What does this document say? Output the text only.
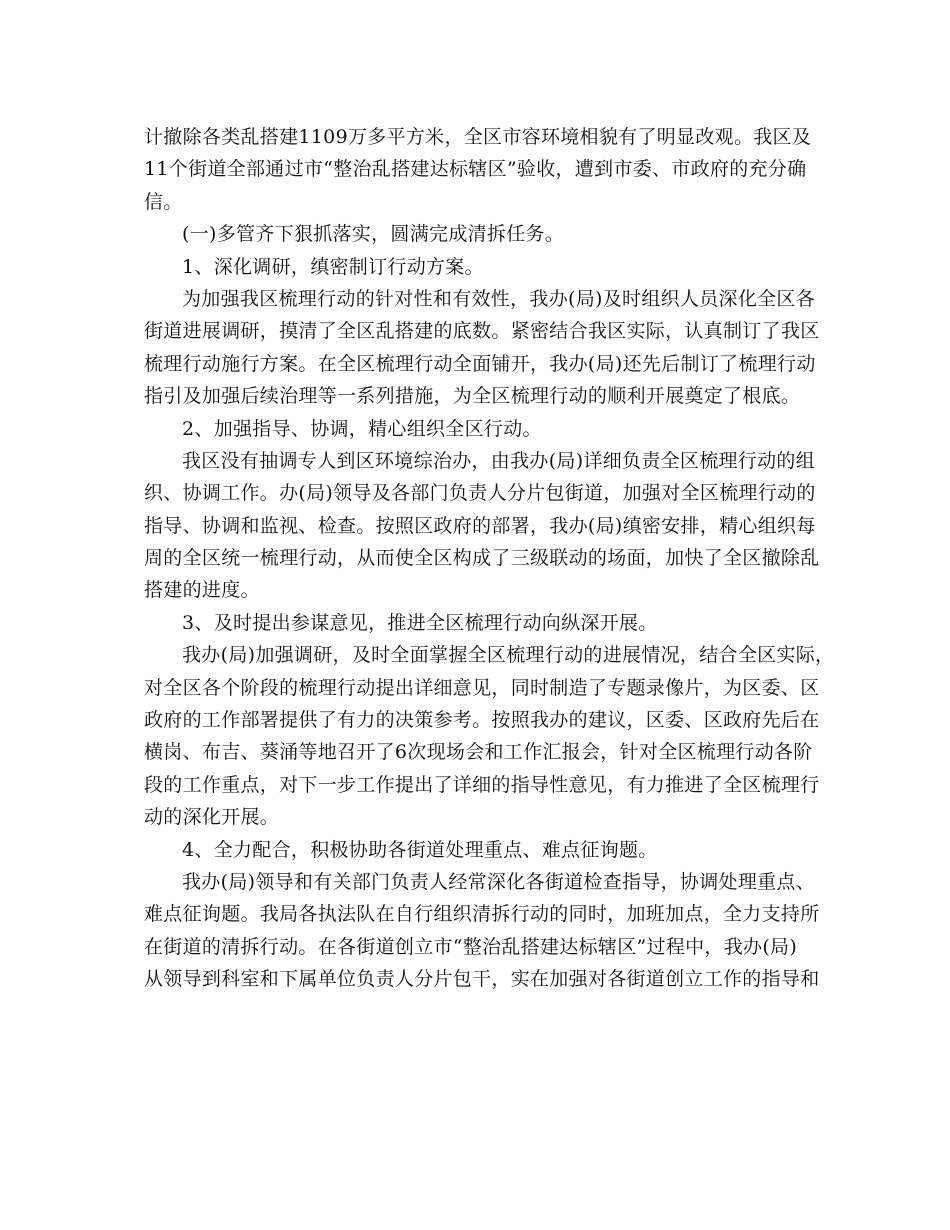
计撤除各类乱搭建1109万多平方米，全区市容环境相貌有了明显改观。我区及
11个街道全部通过市“整治乱搭建达标辖区”验收，遭到市委、市政府的充分确
信。
(一)多管齐下狠抓落实，圆满完成清拆任务。
1、深化调研，缜密制订行动方案。
为加强我区梳理行动的针对性和有效性，我办(局)及时组织人员深化全区各
街道进展调研，摸清了全区乱搭建的底数。紧密结合我区实际，认真制订了我区
梳理行动施行方案。在全区梳理行动全面铺开，我办(局)还先后制订了梳理行动
指引及加强后续治理等一系列措施，为全区梳理行动的顺利开展奠定了根底。
2、加强指导、协调，精心组织全区行动。
我区没有抽调专人到区环境综治办，由我办(局)详细负责全区梳理行动的组
织、协调工作。办(局)领导及各部门负责人分片包街道，加强对全区梳理行动的
指导、协调和监视、检查。按照区政府的部署，我办(局)缜密安排，精心组织每
周的全区统一梳理行动，从而使全区构成了三级联动的场面，加快了全区撤除乱
搭建的进度。
3、及时提出参谋意见，推进全区梳理行动向纵深开展。
我办(局)加强调研，及时全面掌握全区梳理行动的进展情况，结合全区实际，
对全区各个阶段的梳理行动提出详细意见，同时制造了专题录像片，为区委、区
政府的工作部署提供了有力的决策参考。按照我办的建议，区委、区政府先后在
横岗、布吉、葵涌等地召开了6次现场会和工作汇报会，针对全区梳理行动各阶
段的工作重点，对下一步工作提出了详细的指导性意见，有力推进了全区梳理行
动的深化开展。
4、全力配合，积极协助各街道处理重点、难点征询题。
我办(局)领导和有关部门负责人经常深化各街道检查指导，协调处理重点、
难点征询题。我局各执法队在自行组织清拆行动的同时，加班加点，全力支持所
在街道的清拆行动。在各街道创立市“整治乱搭建达标辖区”过程中，我办(局)
从领导到科室和下属单位负责人分片包干，实在加强对各街道创立工作的指导和
